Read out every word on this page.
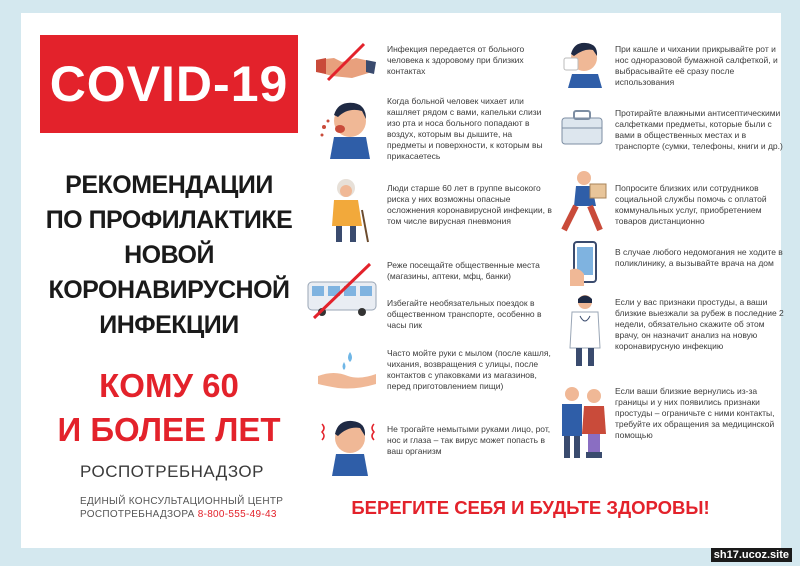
COVID-19
РЕКОМЕНДАЦИИ
ПО ПРОФИЛАКТИКЕ
НОВОЙ
КОРОНАВИРУСНОЙ
ИНФЕКЦИИ
КОМУ 60
И БОЛЕЕ ЛЕТ
РОСПОТРЕБНАДЗОР
ЕДИНЫЙ КОНСУЛЬТАЦИОННЫЙ ЦЕНТР
РОСПОТРЕБНАДЗОРА 8-800-555-49-43	БЕРЕГИТЕ СЕБЯ И БУДЬТЕ ЗДОРОВЫ!
Инфекция передается от больного человека к здоровому при близких контактах
Когда больной человек чихает или кашляет рядом с вами, капельки слизи изо рта и носа больного попадают в воздух, которым вы дышите, на предметы и поверхности, к которым вы прикасаетесь
Люди старше 60 лет в группе высокого риска у них возможны опасные осложнения коронавирусной инфекции, в том числе вирусная пневмония
Реже посещайте общественные места (магазины, аптеки, мфц, банки)
Избегайте необязательных поездок в общественном транспорте, особенно в часы пик
Часто мойте руки с мылом (после кашля, чихания, возвращения с улицы, после контактов с упаковками из магазинов, перед приготовлением пищи)
Не трогайте немытыми руками лицо, рот, нос и глаза – так вирус может попасть в ваш организм
При кашле и чихании прикрывайте рот и нос одноразовой бумажной салфеткой, и выбрасывайте её сразу после использования
Протирайте влажными антисептическими салфетками предметы, которые были с вами в общественных местах и в транспорте (сумки, телефоны, книги и др.)
Попросите близких или сотрудников социальной службы помочь с оплатой коммунальных услуг, приобретением товаров дистанционно
В случае любого недомогания не ходите в поликлинику, а вызывайте врача на дом
Если у вас признаки простуды, а ваши близкие выезжали за рубеж в последние 2 недели, обязательно скажите об этом врачу, он назначит анализ на новую коронавирусную инфекцию
Если ваши близкие вернулись из-за границы и у них появились признаки простуды – ограничьте с ними контакты, требуйте их обращения за медицинской помощью
sh17.ucoz.site
